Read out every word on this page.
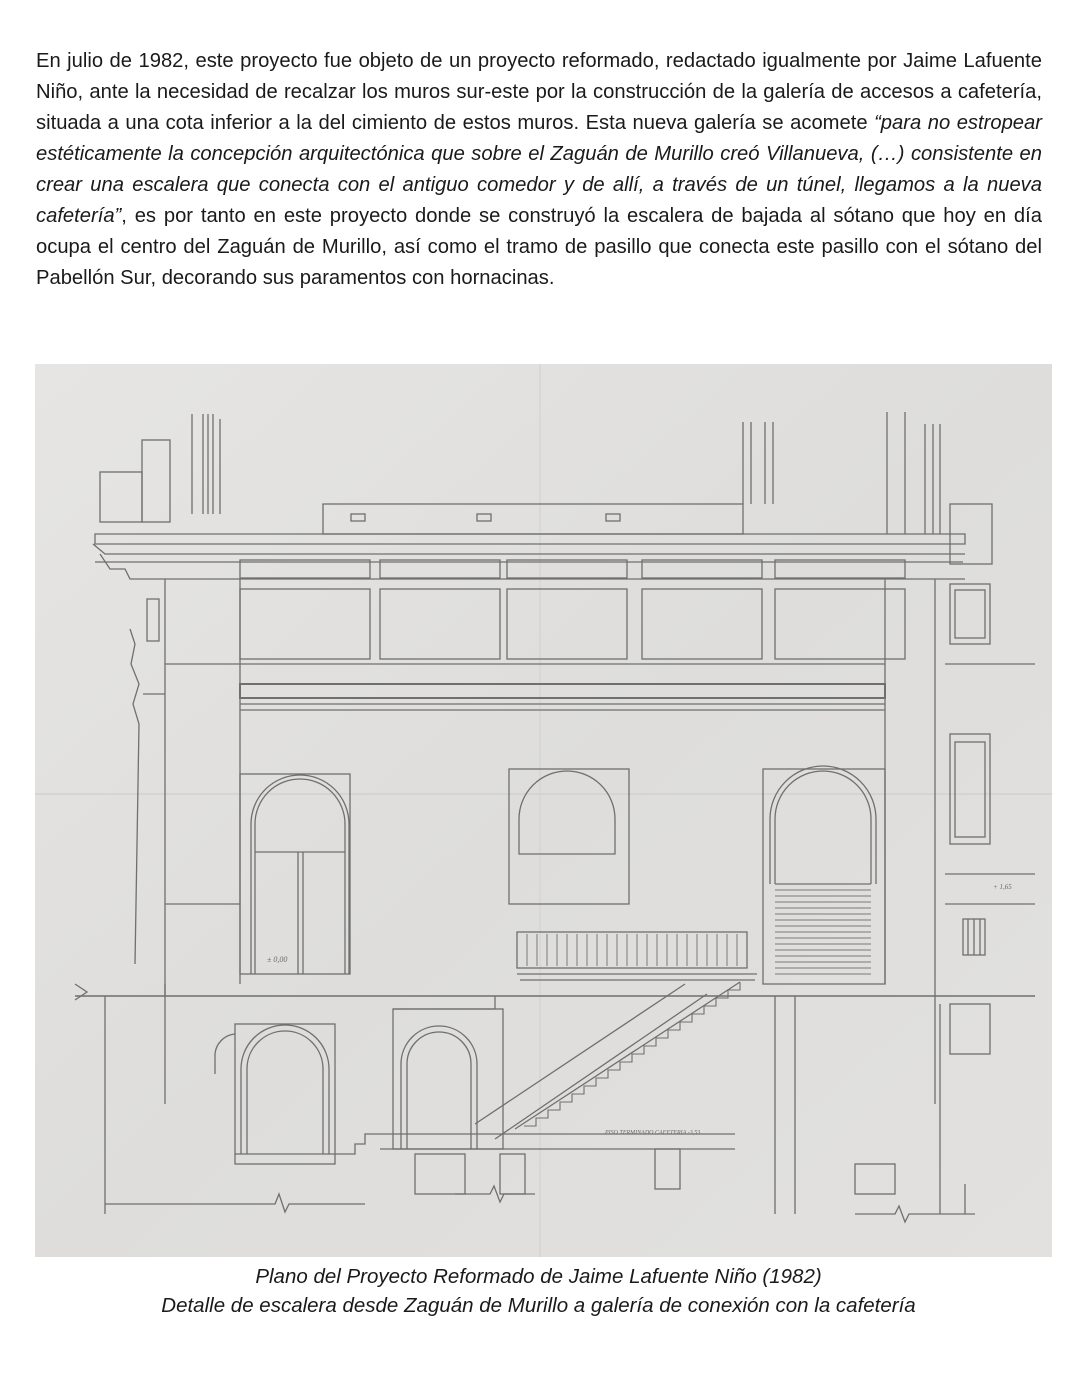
En julio de 1982, este proyecto fue objeto de un proyecto reformado, redactado igualmente por Jaime Lafuente Niño, ante la necesidad de recalzar los muros sur-este por la construcción de la galería de accesos a cafetería, situada a una cota inferior a la del cimiento de estos muros. Esta nueva galería se acomete “para no estropear estéticamente la concepción arquitectónica que sobre el Zaguán de Murillo creó Villanueva, (…) consistente en crear una escalera que conecta con el antiguo comedor y de allí, a través de un túnel, llegamos a la nueva cafetería”, es por tanto en este proyecto donde se construyó la escalera de bajada al sótano que hoy en día ocupa el centro del Zaguán de Murillo, así como el tramo de pasillo que conecta este pasillo con el sótano del Pabellón Sur, decorando sus paramentos con hornacinas.

± 0,00
+ 1,65
PISO TERMINADO CAFETERIA -3,53

Plano del Proyecto Reformado de Jaime Lafuente Niño (1982)

Detalle de escalera desde Zaguán de Murillo a galería de conexión con la cafetería
